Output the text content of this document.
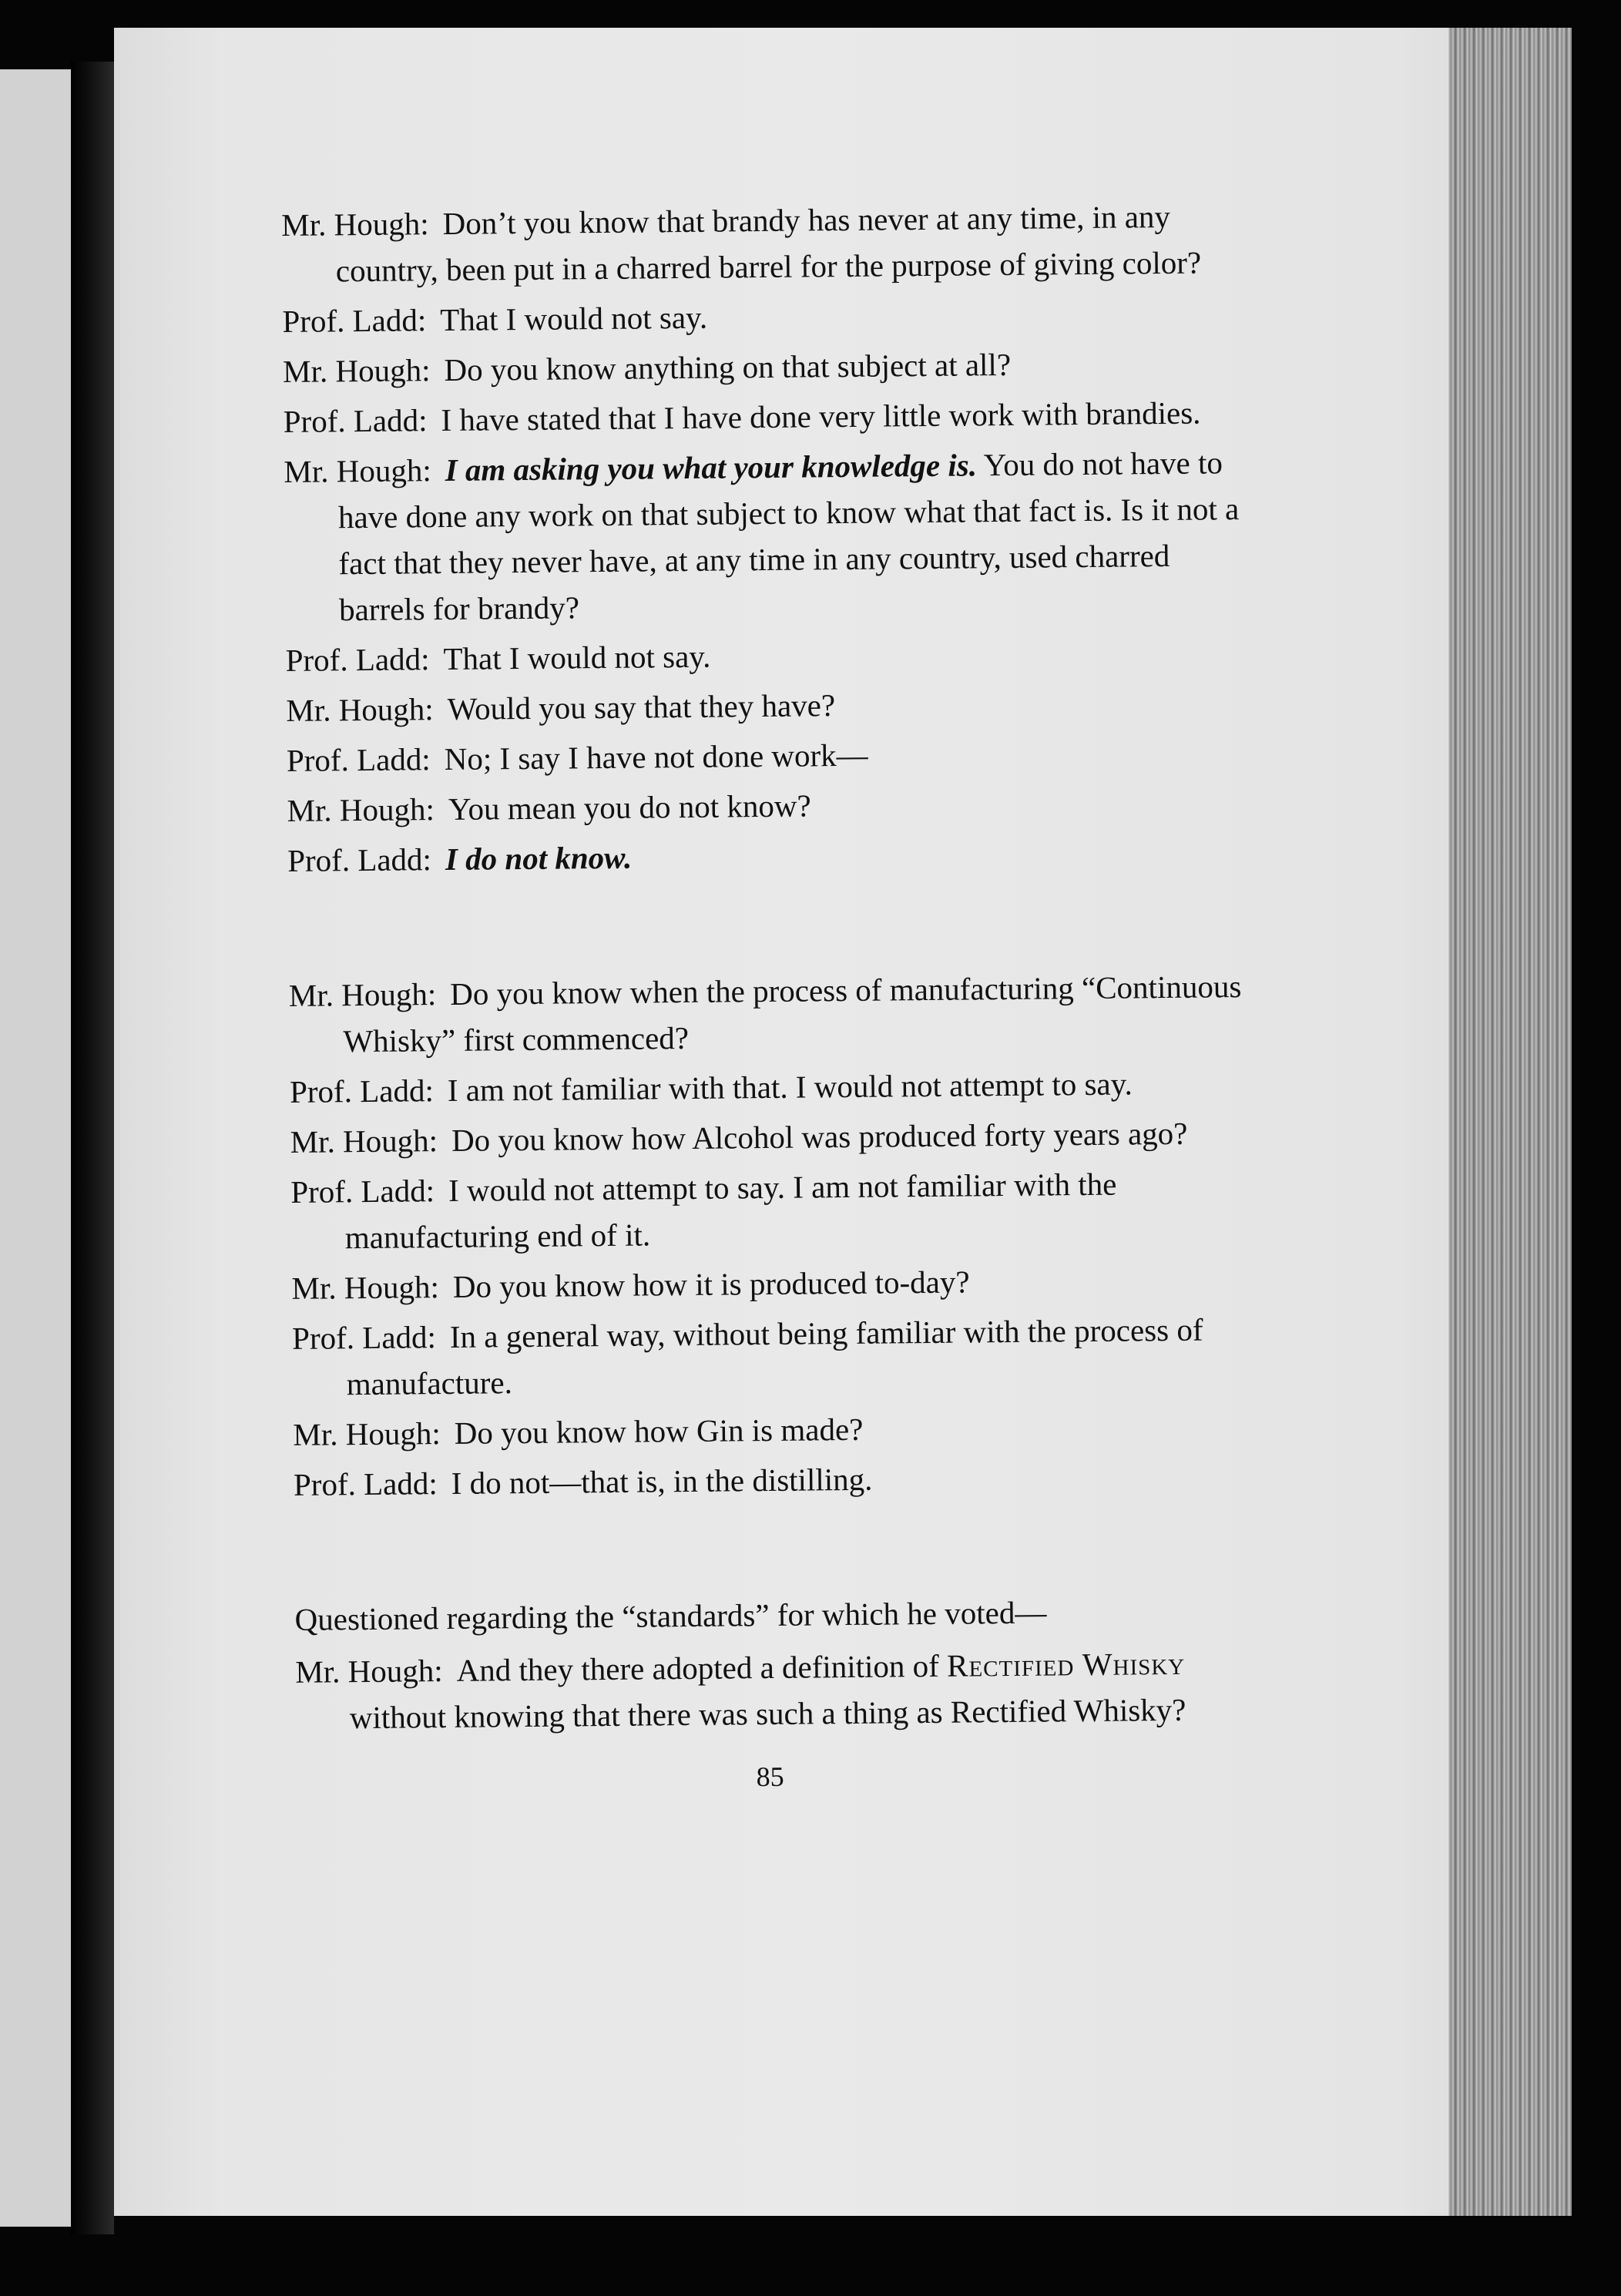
Mr. Hough: Don’t you know that brandy has never at any time, in any country, been put in a charred barrel for the purpose of giving color?

Prof. Ladd: That I would not say.

Mr. Hough: Do you know anything on that subject at all?

Prof. Ladd: I have stated that I have done very little work with brandies.

Mr. Hough: I am asking you what your knowledge is. You do not have to have done any work on that subject to know what that fact is. Is it not a fact that they never have, at any time in any country, used charred barrels for brandy?

Prof. Ladd: That I would not say.

Mr. Hough: Would you say that they have?

Prof. Ladd: No; I say I have not done work—

Mr. Hough: You mean you do not know?

Prof. Ladd: I do not know.

Mr. Hough: Do you know when the process of manufacturing “Continuous Whisky” first commenced?

Prof. Ladd: I am not familiar with that. I would not attempt to say.

Mr. Hough: Do you know how Alcohol was produced forty years ago?

Prof. Ladd: I would not attempt to say. I am not familiar with the manufacturing end of it.

Mr. Hough: Do you know how it is produced to-day?

Prof. Ladd: In a general way, without being familiar with the process of manufacture.

Mr. Hough: Do you know how Gin is made?

Prof. Ladd: I do not—that is, in the distilling.

Questioned regarding the “standards” for which he voted—

Mr. Hough: And they there adopted a definition of Rectified Whisky without knowing that there was such a thing as Rectified Whisky?

85
